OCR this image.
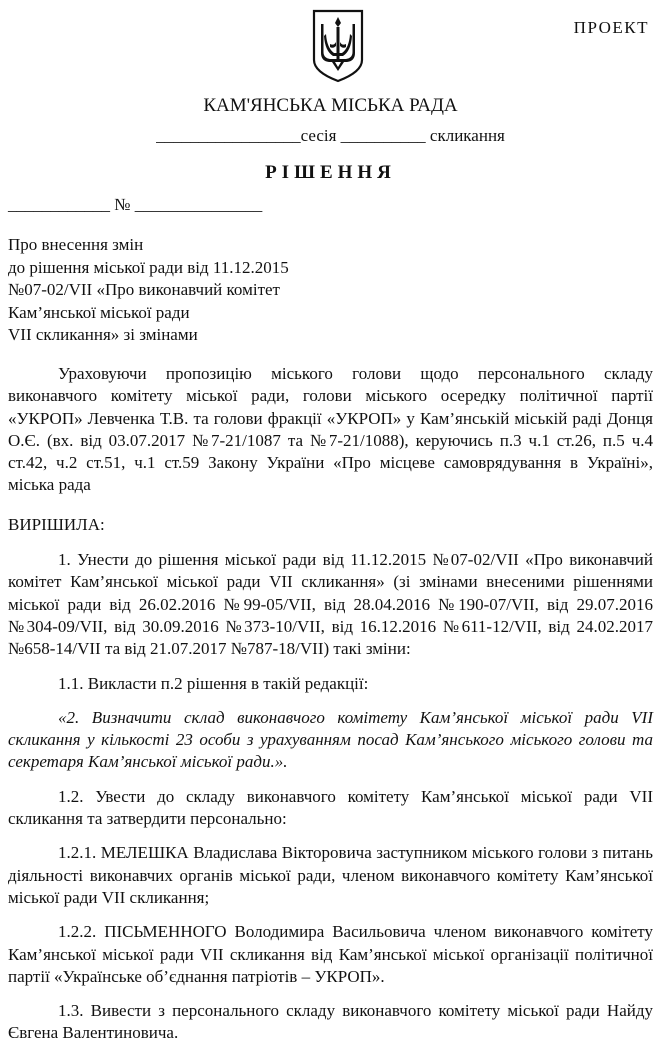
ПРОЕКТ
КАМ'ЯНСЬКА МІСЬКА РАДА
_________________сесія __________ скликання
РІШЕННЯ
____________ № _______________
Про внесення змін
до рішення міської ради від 11.12.2015
№07-02/VII «Про виконавчий комітет
Кам’янської міської ради
VII скликання» зі змінами

Ураховуючи пропозицію міського голови щодо персонального складу виконавчого комітету міської ради, голови міського осередку політичної партії «УКРОП» Левченка Т.В. та голови фракції «УКРОП» у Кам’янській міській раді Донця О.Є. (вх. від 03.07.2017 №7-21/1087 та №7-21/1088), керуючись п.3 ч.1 ст.26, п.5 ч.4 ст.42, ч.2 ст.51, ч.1 ст.59 Закону України «Про місцеве самоврядування в Україні», міська рада

ВИРІШИЛА:

1. Унести до рішення міської ради від 11.12.2015 №07-02/VII «Про виконавчий комітет Кам’янської міської ради VII скликання» (зі змінами внесеними рішеннями міської ради від 26.02.2016 №99-05/VII, від 28.04.2016 №190-07/VII, від 29.07.2016 №304-09/VII, від 30.09.2016 №373-10/VII, від 16.12.2016 №611-12/VII, від 24.02.2017 №658-14/VII та від 21.07.2017 №787-18/VII) такі зміни:

1.1. Викласти п.2 рішення в такій редакції:

«2. Визначити склад виконавчого комітету Кам’янської міської ради VII скликання у кількості 23 особи з урахуванням посад Кам’янського міського голови та секретаря Кам’янської міської ради.».

1.2. Увести до складу виконавчого комітету Кам’янської міської ради VII скликання та затвердити персонально:

1.2.1. МЕЛЕШКА Владислава Вікторовича заступником міського голови з питань діяльності виконавчих органів міської ради, членом виконавчого комітету Кам’янської міської ради VII скликання;

1.2.2. ПІСЬМЕННОГО Володимира Васильовича членом виконавчого комітету Кам’янської міської ради VII скликання від Кам’янської міської організації політичної партії «Українське об’єднання патріотів – УКРОП».

1.3. Вивести з персонального складу виконавчого комітету міської ради Найду Євгена Валентиновича.
